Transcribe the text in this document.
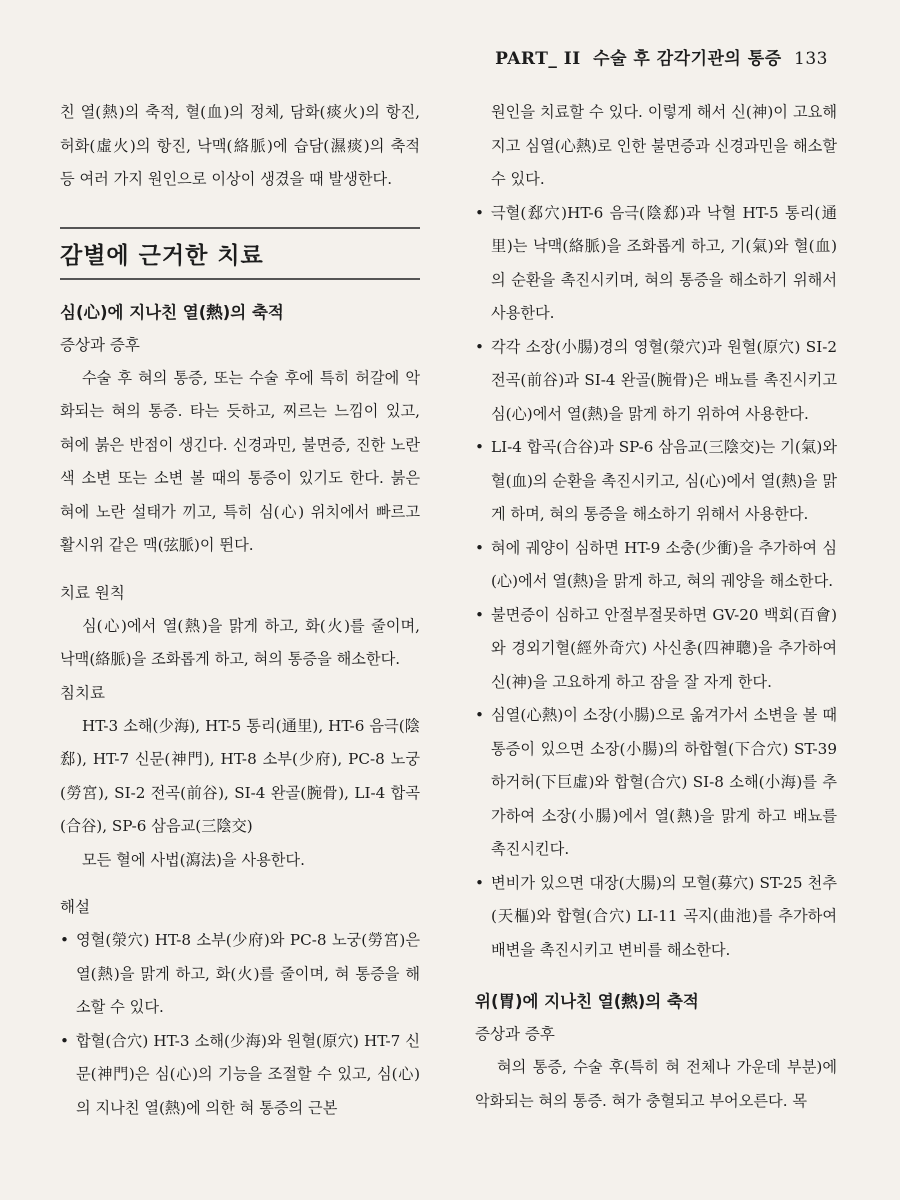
PART_ II 수술 후 감각기관의 통증 133

친 열(熱)의 축적, 혈(血)의 정체, 담화(痰火)의 항진, 허화(虛火)의 항진, 낙맥(絡脈)에 습담(濕痰)의 축적 등 여러 가지 원인으로 이상이 생겼을 때 발생한다.

감별에 근거한 치료
심(心)에 지나친 열(熱)의 축적
증상과 증후

수술 후 혀의 통증, 또는 수술 후에 특히 허갈에 악화되는 혀의 통증. 타는 듯하고, 찌르는 느낌이 있고, 혀에 붉은 반점이 생긴다. 신경과민, 불면증, 진한 노란색 소변 또는 소변 볼 때의 통증이 있기도 한다. 붉은 혀에 노란 설태가 끼고, 특히 심(心) 위치에서 빠르고 활시위 같은 맥(弦脈)이 뛴다.

치료 원칙

심(心)에서 열(熱)을 맑게 하고, 화(火)를 줄이며, 낙맥(絡脈)을 조화롭게 하고, 혀의 통증을 해소한다.

침치료

HT-3 소해(少海), HT-5 통리(通里), HT-6 음극(陰郄), HT-7 신문(神門), HT-8 소부(少府), PC-8 노궁(勞宮), SI-2 전곡(前谷), SI-4 완골(腕骨), LI-4 합곡(合谷), SP-6 삼음교(三陰交)

모든 혈에 사법(瀉法)을 사용한다.

해설
• 영혈(滎穴) HT-8 소부(少府)와 PC-8 노궁(勞宮)은 열(熱)을 맑게 하고, 화(火)를 줄이며, 혀 통증을 해소할 수 있다.
• 합혈(合穴) HT-3 소해(少海)와 원혈(原穴) HT-7 신문(神門)은 심(心)의 기능을 조절할 수 있고, 심(心)의 지나친 열(熱)에 의한 혀 통증의 근본
원인을 치료할 수 있다. 이렇게 해서 신(神)이 고요해지고 심열(心熱)로 인한 불면증과 신경과민을 해소할 수 있다.
• 극혈(郄穴)HT-6 음극(陰郄)과 낙혈 HT-5 통리(通里)는 낙맥(絡脈)을 조화롭게 하고, 기(氣)와 혈(血)의 순환을 촉진시키며, 혀의 통증을 해소하기 위해서 사용한다.
• 각각 소장(小腸)경의 영혈(滎穴)과 원혈(原穴) SI-2 전곡(前谷)과 SI-4 완골(腕骨)은 배뇨를 촉진시키고 심(心)에서 열(熱)을 맑게 하기 위하여 사용한다.
• LI-4 합곡(合谷)과 SP-6 삼음교(三陰交)는 기(氣)와 혈(血)의 순환을 촉진시키고, 심(心)에서 열(熱)을 맑게 하며, 혀의 통증을 해소하기 위해서 사용한다.
• 혀에 궤양이 심하면 HT-9 소충(少衝)을 추가하여 심(心)에서 열(熱)을 맑게 하고, 혀의 궤양을 해소한다.
• 불면증이 심하고 안절부절못하면 GV-20 백회(百會)와 경외기혈(經外奇穴) 사신총(四神聰)을 추가하여 신(神)을 고요하게 하고 잠을 잘 자게 한다.
• 심열(心熱)이 소장(小腸)으로 옮겨가서 소변을 볼 때 통증이 있으면 소장(小腸)의 하합혈(下合穴) ST-39 하거허(下巨虛)와 합혈(合穴) SI-8 소해(小海)를 추가하여 소장(小腸)에서 열(熱)을 맑게 하고 배뇨를 촉진시킨다.
• 변비가 있으면 대장(大腸)의 모혈(募穴) ST-25 천추(天樞)와 합혈(合穴) LI-11 곡지(曲池)를 추가하여 배변을 촉진시키고 변비를 해소한다.
위(胃)에 지나친 열(熱)의 축적
증상과 증후

혀의 통증, 수술 후(특히 혀 전체나 가운데 부분)에 악화되는 혀의 통증. 혀가 충혈되고 부어오른다. 목
